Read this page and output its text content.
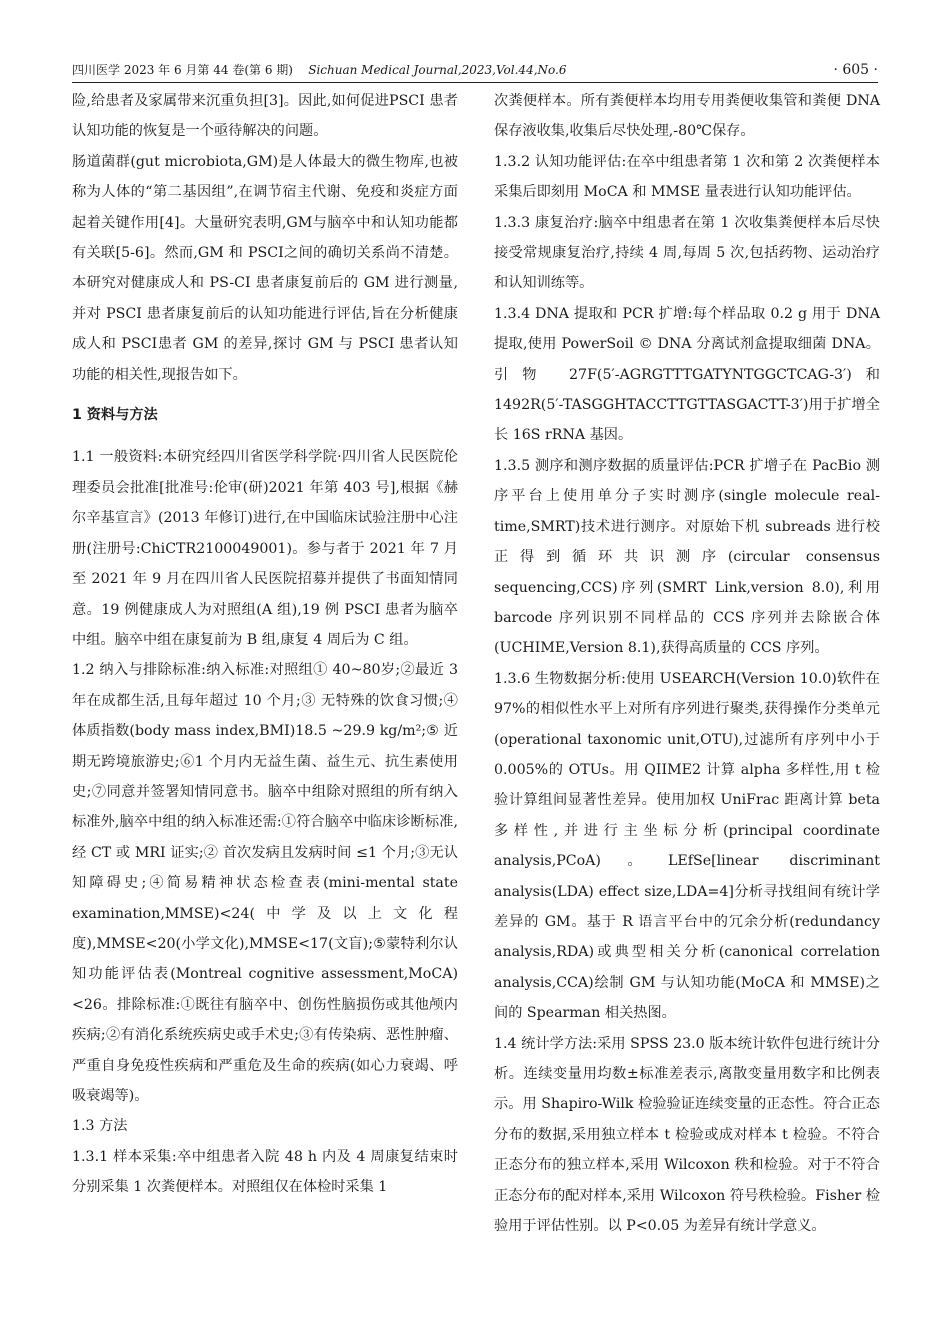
四川医学 2023 年 6 月第 44 卷(第 6 期) Sichuan Medical Journal,2023,Vol.44,No.6	· 605 ·

险,给患者及家属带来沉重负担[3]。因此,如何促进PSCI 患者认知功能的恢复是一个亟待解决的问题。

肠道菌群(gut microbiota,GM)是人体最大的微生物库,也被称为人体的“第二基因组”,在调节宿主代谢、免疫和炎症方面起着关键作用[4]。大量研究表明,GM与脑卒中和认知功能都有关联[5-6]。然而,GM 和 PSCI之间的确切关系尚不清楚。本研究对健康成人和 PS-CI 患者康复前后的 GM 进行测量,并对 PSCI 患者康复前后的认知功能进行评估,旨在分析健康成人和 PSCI患者 GM 的差异,探讨 GM 与 PSCI 患者认知功能的相关性,现报告如下。

1 资料与方法

1.1 一般资料:本研究经四川省医学科学院·四川省人民医院伦理委员会批准[批准号:伦审(研)2021 年第 403 号],根据《赫尔辛基宣言》(2013 年修订)进行,在中国临床试验注册中心注册(注册号:ChiCTR2100049001)。参与者于 2021 年 7 月至 2021 年 9 月在四川省人民医院招募并提供了书面知情同意。19 例健康成人为对照组(A 组),19 例 PSCI 患者为脑卒中组。脑卒中组在康复前为 B 组,康复 4 周后为 C 组。

1.2 纳入与排除标准:纳入标准:对照组① 40~80岁;②最近 3 年在成都生活,且每年超过 10 个月;③ 无特殊的饮食习惯;④体质指数(body mass index,BMI)18.5 ~29.9 kg/m²;⑤ 近期无跨境旅游史;⑥1 个月内无益生菌、益生元、抗生素使用史;⑦同意并签署知情同意书。脑卒中组除对照组的所有纳入标准外,脑卒中组的纳入标准还需:①符合脑卒中临床诊断标准,经 CT 或 MRI 证实;② 首次发病且发病时间 ≤1 个月;③无认知障碍史;④简易精神状态检查表(mini-mental state examination,MMSE)<24(中学及以上文化程度),MMSE<20(小学文化),MMSE<17(文盲);⑤蒙特利尔认知功能评估表(Montreal cognitive assessment,MoCA)<26。排除标准:①既往有脑卒中、创伤性脑损伤或其他颅内疾病;②有消化系统疾病史或手术史;③有传染病、恶性肿瘤、严重自身免疫性疾病和严重危及生命的疾病(如心力衰竭、呼吸衰竭等)。

1.3 方法

1.3.1 样本采集:卒中组患者入院 48 h 内及 4 周康复结束时分别采集 1 次粪便样本。对照组仅在体检时采集 1

次粪便样本。所有粪便样本均用专用粪便收集管和粪便 DNA 保存液收集,收集后尽快处理,-80℃保存。

1.3.2 认知功能评估:在卒中组患者第 1 次和第 2 次粪便样本采集后即刻用 MoCA 和 MMSE 量表进行认知功能评估。

1.3.3 康复治疗:脑卒中组患者在第 1 次收集粪便样本后尽快接受常规康复治疗,持续 4 周,每周 5 次,包括药物、运动治疗和认知训练等。

1.3.4 DNA 提取和 PCR 扩增:每个样品取 0.2 g 用于 DNA 提取,使用 PowerSoil © DNA 分离试剂盒提取细菌 DNA。引物 27F(5′-AGRGTTTGATYNTGGCTCAG-3′)和1492R(5′-TASGGHTACCTTGTTASGACTT-3′)用于扩增全长 16S rRNA 基因。

1.3.5 测序和测序数据的质量评估:PCR 扩增子在 PacBio 测序平台上使用单分子实时测序(single molecule real-time,SMRT)技术进行测序。对原始下机 subreads 进行校正得到循环共识测序(circular consensus sequencing,CCS)序列(SMRT Link,version 8.0),利用 barcode 序列识别不同样品的 CCS 序列并去除嵌合体(UCHIME,Version 8.1),获得高质量的 CCS 序列。

1.3.6 生物数据分析:使用 USEARCH(Version 10.0)软件在 97%的相似性水平上对所有序列进行聚类,获得操作分类单元(operational taxonomic unit,OTU),过滤所有序列中小于 0.005%的 OTUs。用 QIIME2 计算 alpha 多样性,用 t 检验计算组间显著性差异。使用加权 UniFrac 距离计算 beta 多样性,并进行主坐标分析(principal coordinate analysis,PCoA)。LEfSe[linear discriminant analysis(LDA) effect size,LDA=4]分析寻找组间有统计学差异的 GM。基于 R 语言平台中的冗余分析(redundancy analysis,RDA)或典型相关分析(canonical correlation analysis,CCA)绘制 GM 与认知功能(MoCA 和 MMSE)之间的 Spearman 相关热图。

1.4 统计学方法:采用 SPSS 23.0 版本统计软件包进行统计分析。连续变量用均数±标准差表示,离散变量用数字和比例表示。用 Shapiro-Wilk 检验验证连续变量的正态性。符合正态分布的数据,采用独立样本 t 检验或成对样本 t 检验。不符合正态分布的独立样本,采用 Wilcoxon 秩和检验。对于不符合正态分布的配对样本,采用 Wilcoxon 符号秩检验。Fisher 检验用于评估性别。以 P<0.05 为差异有统计学意义。
